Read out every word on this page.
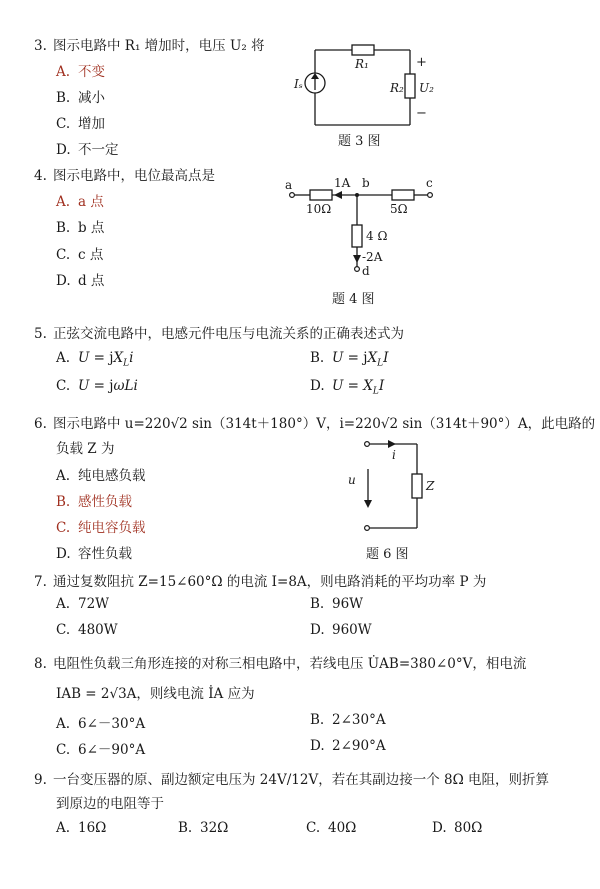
3. 图示电路中 R₁ 增加时，电压 U₂ 将
A. 不变
B. 减小
C. 增加
D. 不一定
R₁
R₂ U₂
Iₛ
+
−
题 3 图
4. 图示电路中，电位最高点是
A. a 点
B. b 点
C. c 点
D. d 点
a	b	c
d
1A
10Ω	5Ω
4 Ω
-2A
题 4 图
5. 正弦交流电路中，电感元件电压与电流关系的正确表述式为
A. $U = jX_Li$	B. $U = jX_LI$
C. U = jωLi	D. $U = X_LI$
6. 图示电路中 u=220√2 sin（314t＋180°）V，i=220√2 sin（314t＋90°）A，此电路的
负载 Z 为
A. 纯电感负载
B. 感性负载
C. 纯电容负载
D. 容性负载
i
u	Z
题 6 图
7. 通过复数阻抗 Z=15∠60°Ω 的电流 I=8A，则电路消耗的平均功率 P 为
A. 72W	B. 96W
C. 480W	D. 960W
8. 电阻性负载三角形连接的对称三相电路中，若线电压 U̇AB=380∠0°V，相电流
IAB = 2√3A，则线电流 İA 应为
A. 6∠－30°A	B. 2∠30°A
C. 6∠－90°A	D. 2∠90°A
9. 一台变压器的原、副边额定电压为 24V/12V，若在其副边接一个 8Ω 电阻，则折算
到原边的电阻等于
A. 16Ω	B. 32Ω	C. 40Ω	D. 80Ω
